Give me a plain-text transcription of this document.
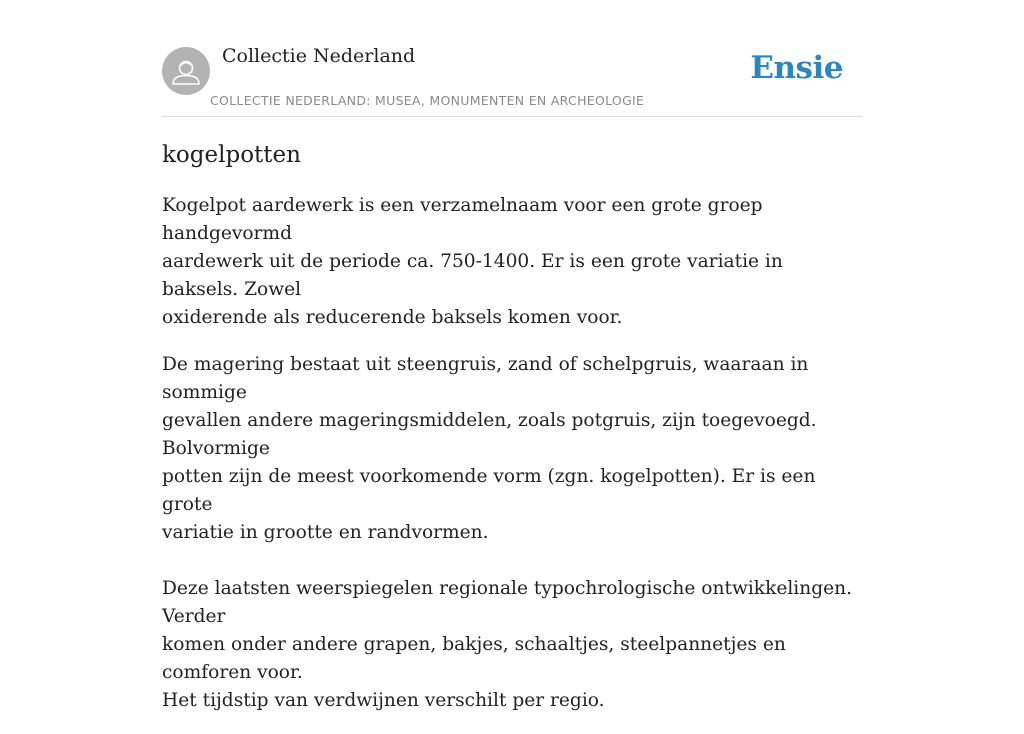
Collectie Nederland
COLLECTIE NEDERLAND: MUSEA, MONUMENTEN EN ARCHEOLOGIE
Ensie
kogelpotten

Kogelpot aardewerk is een verzamelnaam voor een grote groep handgevormd
aardewerk uit de periode ca. 750-1400. Er is een grote variatie in baksels. Zowel
oxiderende als reducerende baksels komen voor.

De magering bestaat uit steengruis, zand of schelpgruis, waaraan in sommige
gevallen andere mageringsmiddelen, zoals potgruis, zijn toegevoegd. Bolvormige
potten zijn de meest voorkomende vorm (zgn. kogelpotten). Er is een grote
variatie in grootte en randvormen.

Deze laatsten weerspiegelen regionale typochrologische ontwikkelingen. Verder
komen onder andere grapen, bakjes, schaaltjes, steelpannetjes en comforen voor.
Het tijdstip van verdwijnen verschilt per regio.
